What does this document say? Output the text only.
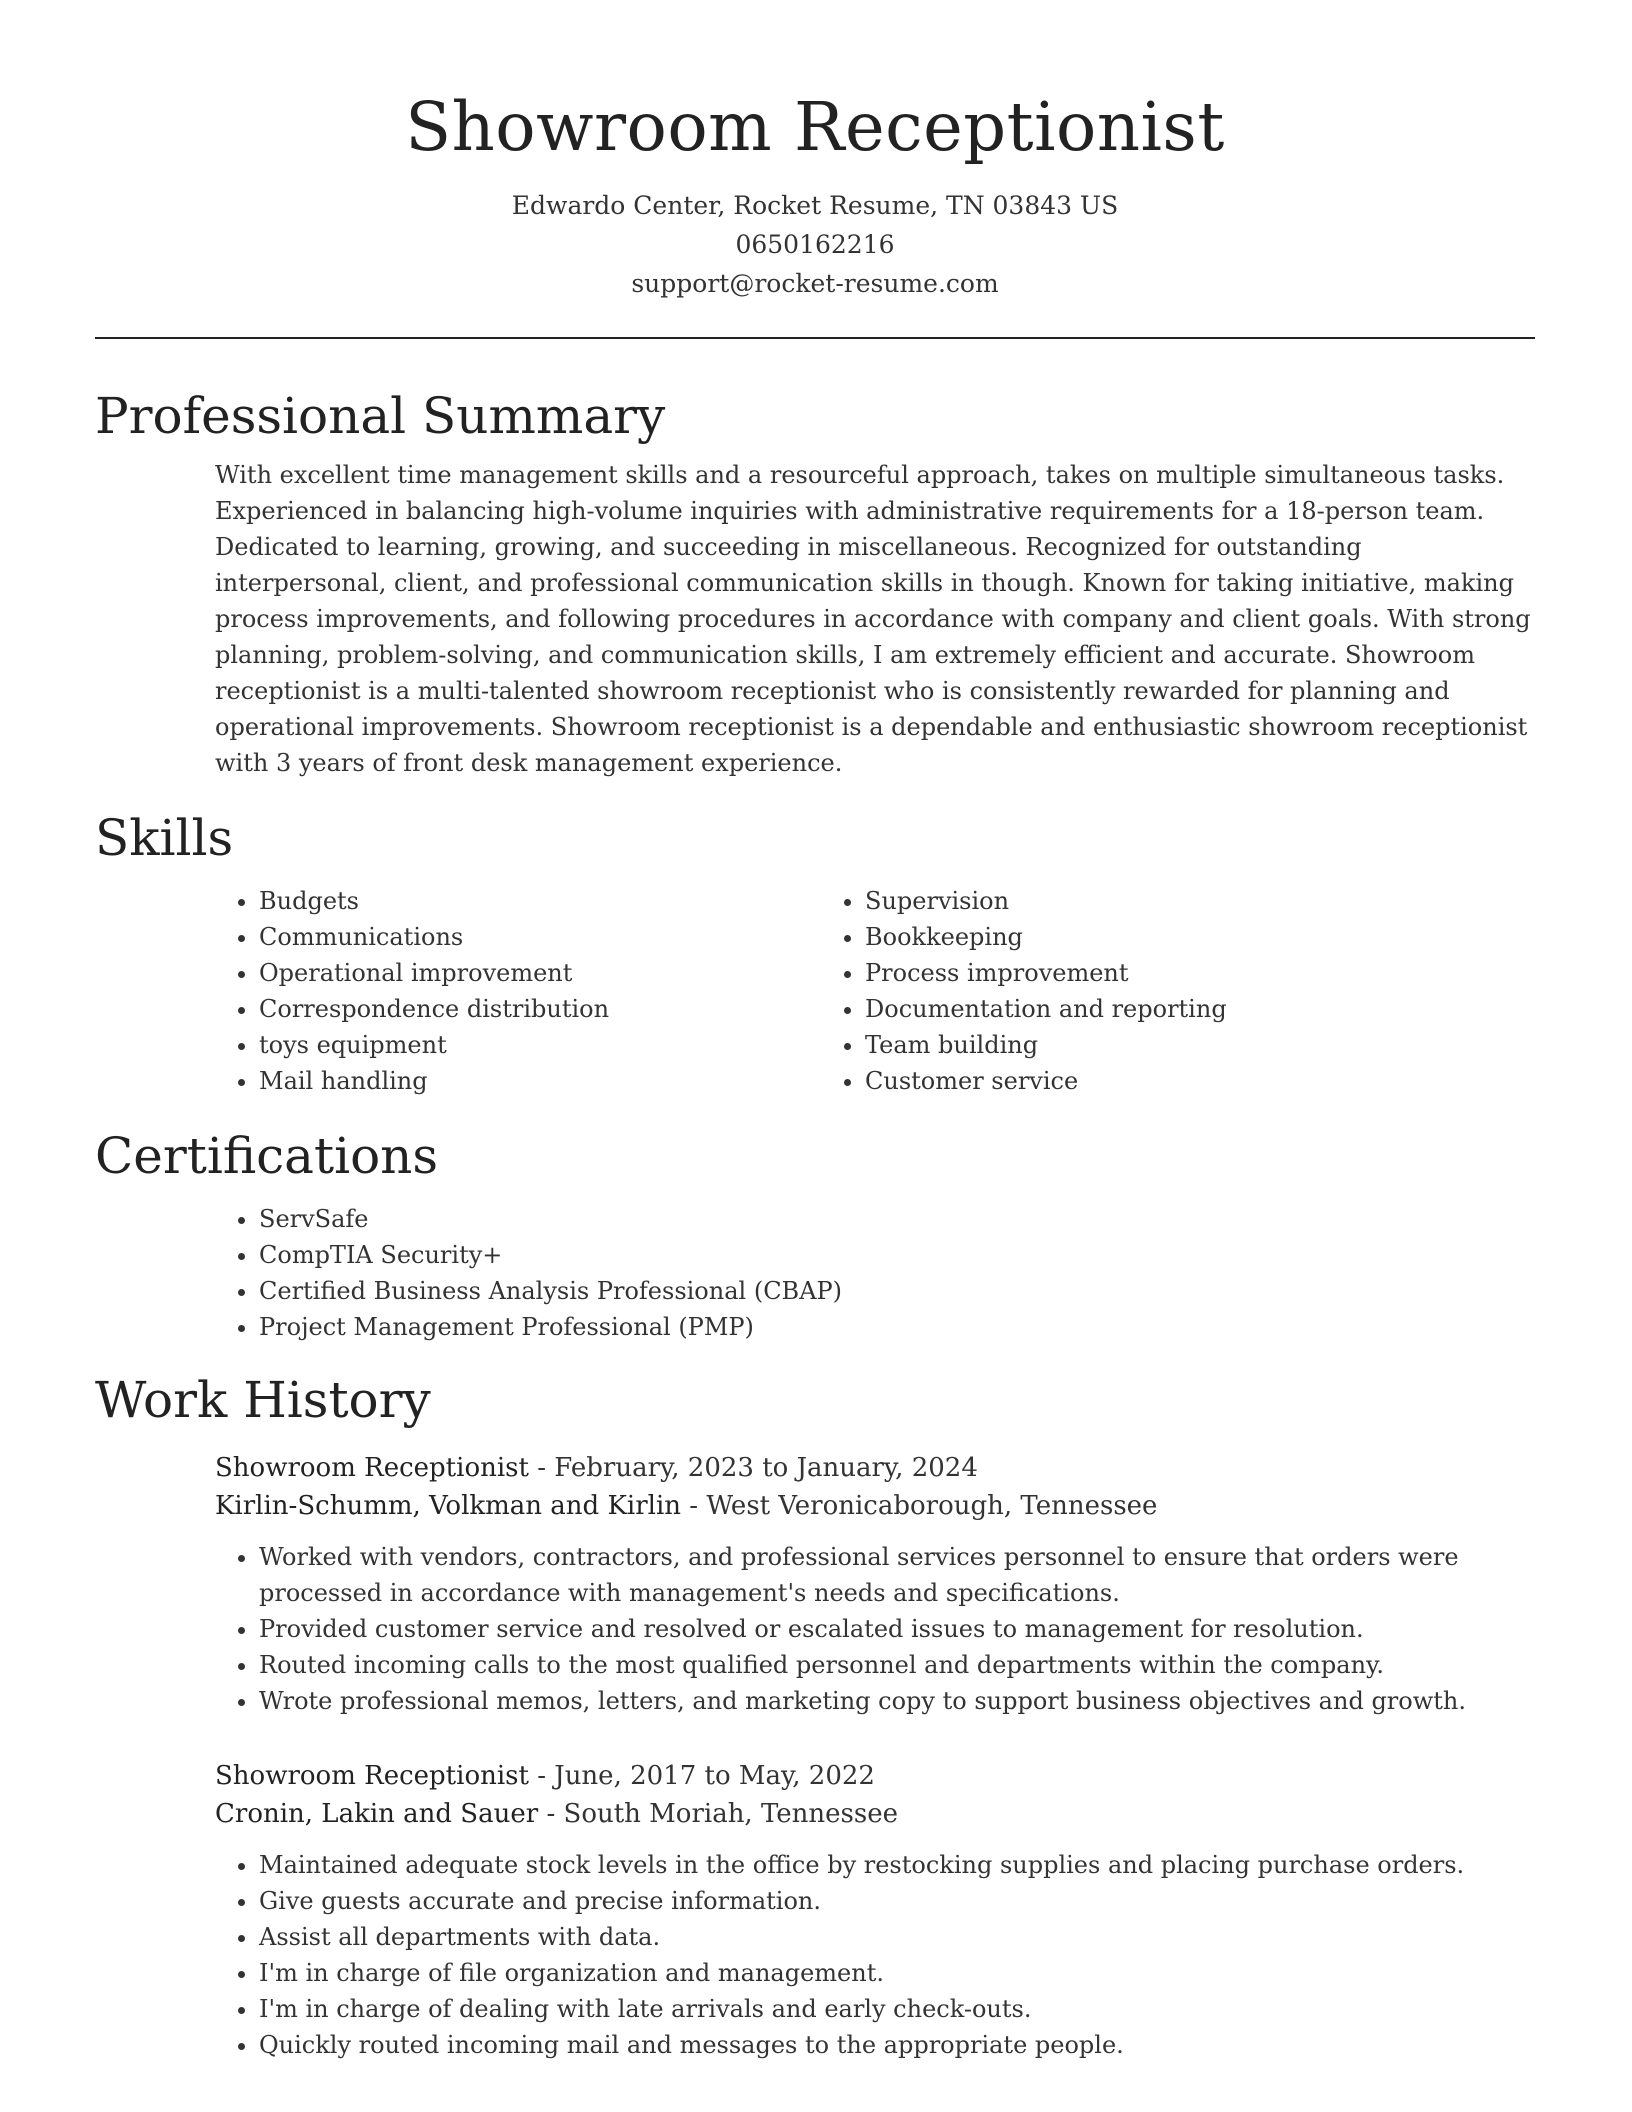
Showroom Receptionist
Edwardo Center, Rocket Resume, TN 03843 US
0650162216
support@rocket-resume.com
Professional Summary

With excellent time management skills and a resourceful approach, takes on multiple simultaneous tasks. Experienced in balancing high-volume inquiries with administrative requirements for a 18-person team. Dedicated to learning, growing, and succeeding in miscellaneous. Recognized for outstanding interpersonal, client, and professional communication skills in though. Known for taking initiative, making process improvements, and following procedures in accordance with company and client goals. With strong planning, problem-solving, and communication skills, I am extremely efficient and accurate. Showroom receptionist is a multi-talented showroom receptionist who is consistently rewarded for planning and operational improvements. Showroom receptionist is a dependable and enthusiastic showroom receptionist with 3 years of front desk management experience.

Skills
• Budgets
• Communications
• Operational improvement
• Correspondence distribution
• toys equipment
• Mail handling
• Supervision
• Bookkeeping
• Process improvement
• Documentation and reporting
• Team building
• Customer service
Certifications
• ServSafe
• CompTIA Security+
• Certified Business Analysis Professional (CBAP)
• Project Management Professional (PMP)
Work History
Showroom Receptionist - February, 2023 to January, 2024
Kirlin-Schumm, Volkman and Kirlin - West Veronicaborough, Tennessee
• Worked with vendors, contractors, and professional services personnel to ensure that orders were processed in accordance with management's needs and specifications.
• Provided customer service and resolved or escalated issues to management for resolution.
• Routed incoming calls to the most qualified personnel and departments within the company.
• Wrote professional memos, letters, and marketing copy to support business objectives and growth.
Showroom Receptionist - June, 2017 to May, 2022
Cronin, Lakin and Sauer - South Moriah, Tennessee
• Maintained adequate stock levels in the office by restocking supplies and placing purchase orders.
• Give guests accurate and precise information.
• Assist all departments with data.
• I'm in charge of file organization and management.
• I'm in charge of dealing with late arrivals and early check-outs.
• Quickly routed incoming mail and messages to the appropriate people.
